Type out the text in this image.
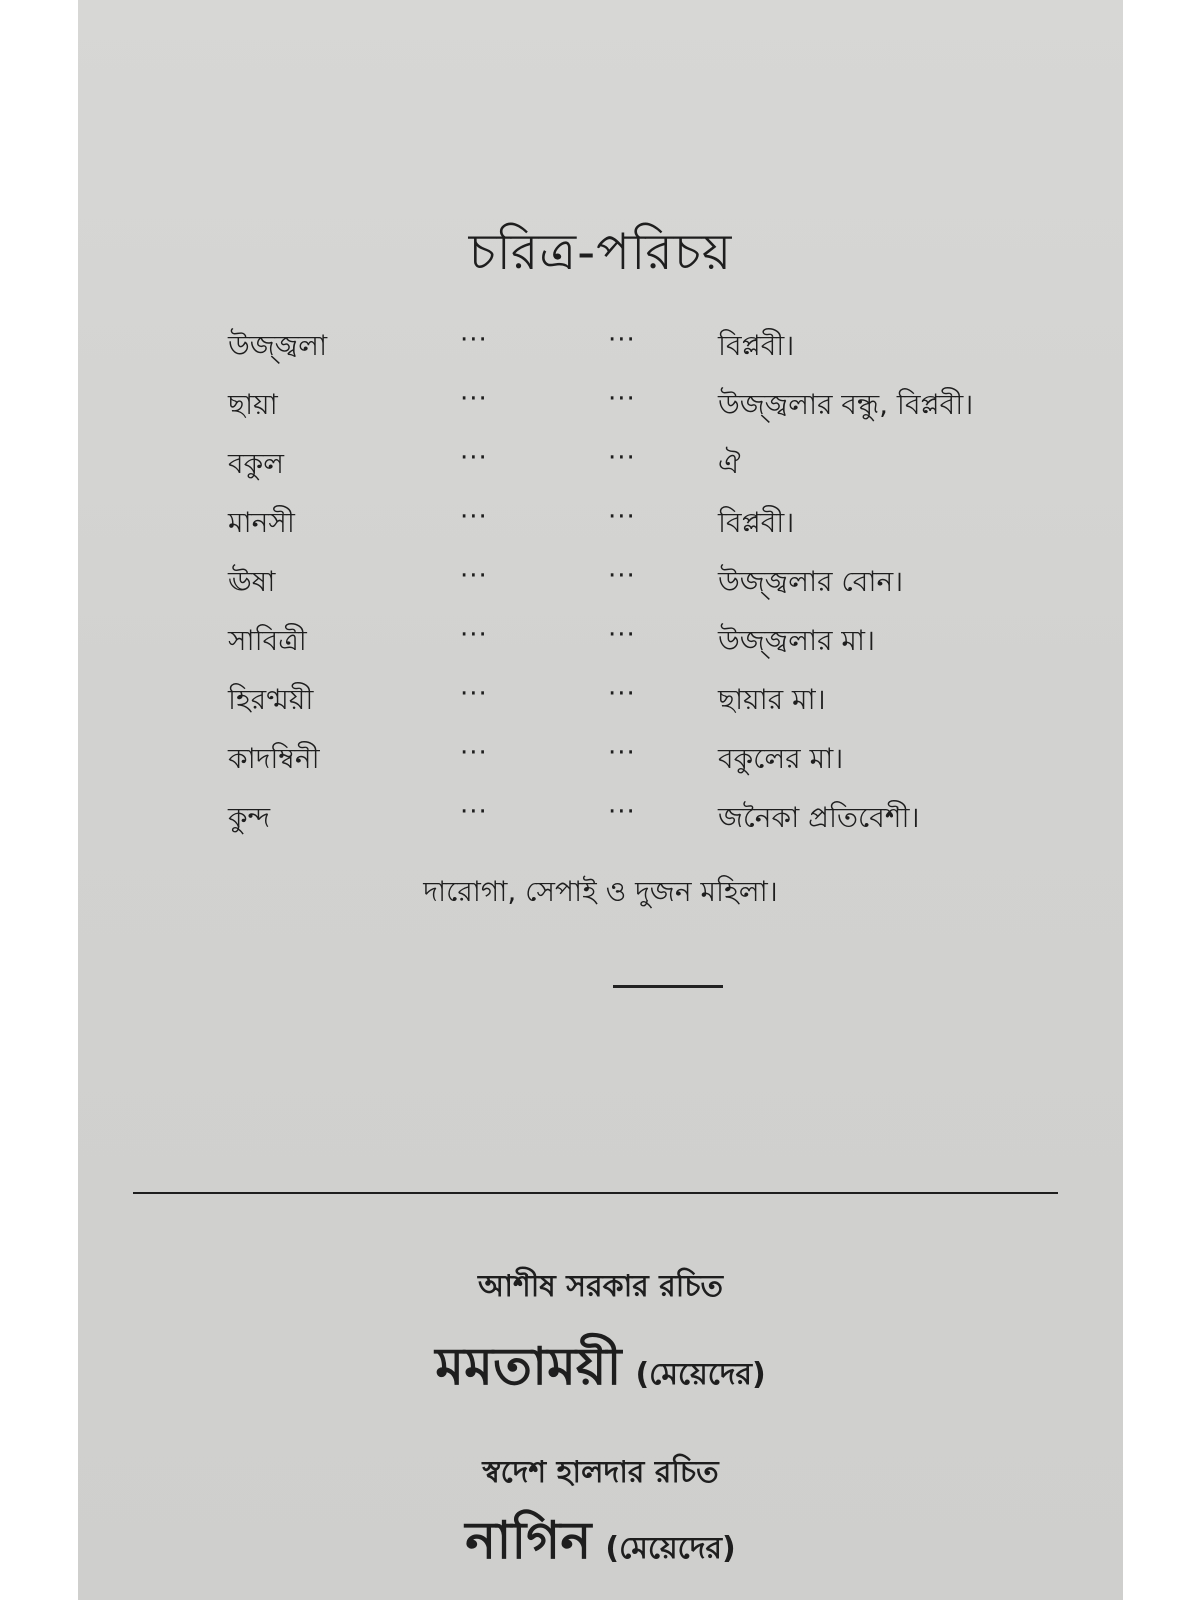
চরিত্র-পরিচয়
উজ্জ্বলা	···	···	বিপ্লবী।
ছায়া	···	···	উজ্জ্বলার বন্ধু, বিপ্লবী।
বকুল	···	···	ঐ
মানসী	···	···	বিপ্লবী।
ঊষা	···	···	উজ্জ্বলার বোন।
সাবিত্রী	···	···	উজ্জ্বলার মা।
হিরণ্ময়ী	···	···	ছায়ার মা।
কাদম্বিনী	···	···	বকুলের মা।
কুন্দ	···	···	জনৈকা প্রতিবেশী।
দারোগা, সেপাই ও দুজন মহিলা।
আশীষ সরকার রচিত
মমতাময়ী (মেয়েদের)
স্বদেশ হালদার রচিত
নাগিন (মেয়েদের)
